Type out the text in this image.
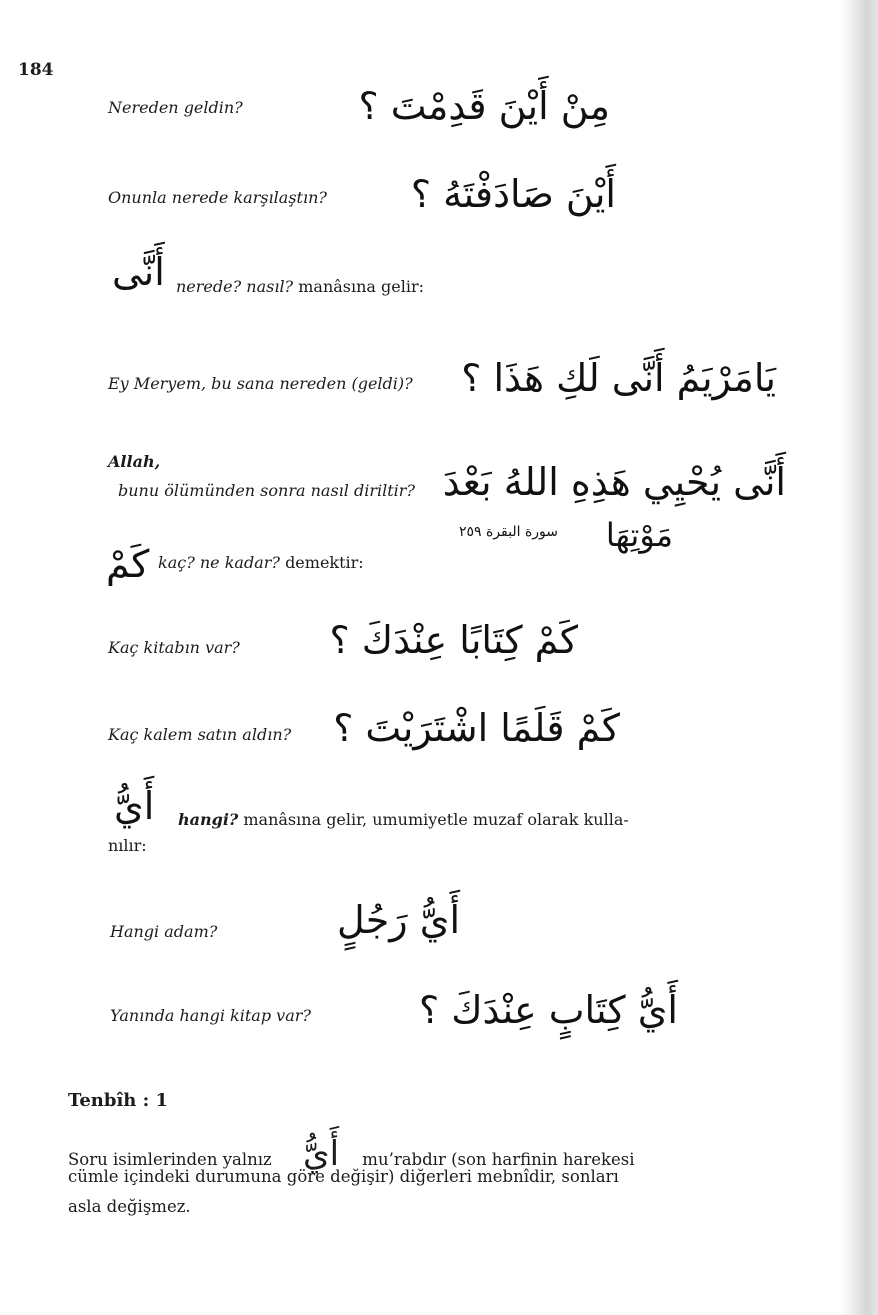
184
Nereden geldin?	مِنْ أَيْنَ قَدِمْتَ ؟
Onunla nerede karşılaştın? أَيْنَ صَادَفْتَهُ ؟
أَنَّى nerede? nasıl? manâsına gelir:
Ey Meryem, bu sana nereden (geldi)? يَامَرْيَمُ أَنَّى لَكِ هَذَا ؟
Allah,
bunu ölümünden sonra nasıl diriltir? أَنَّى يُحْيِي هَذِهِ اللهُ بَعْدَ
مَوْتِهَا
سورة البقرة ٢٥٩
كَمْ kaç? ne kadar? demektir:
Kaç kitabın var? كَمْ كِتَابًا عِنْدَكَ ؟
Kaç kalem satın aldın? كَمْ قَلَمًا اشْتَرَيْتَ ؟
أَيُّ hangi? manâsına gelir, umumiyetle muzaf olarak kulla-
nılır:
Hangi adam?	أَيُّ رَجُلٍ
Yanında hangi kitap var?	أَيُّ كِتَابٍ عِنْدَكَ ؟
Tenbîh : 1
Soru isimlerinden yalnız أَيُّ mu’rabdır (son harfinin harekesi
cümle içindeki durumuna göre değişir) diğerleri mebnîdir, sonları
asla değişmez.
